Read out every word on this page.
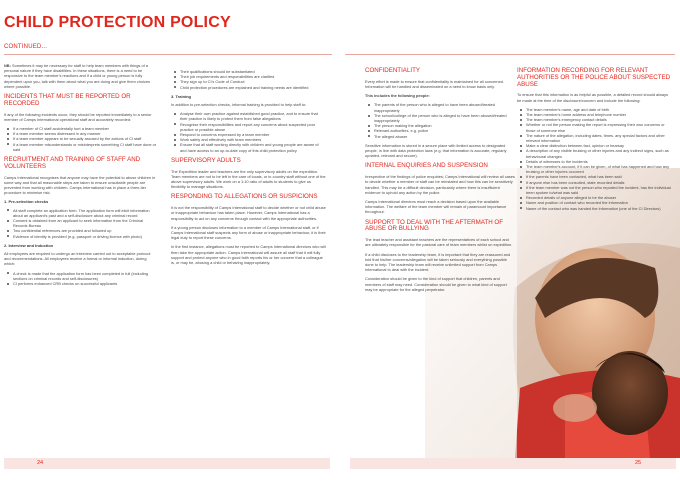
CHILD PROTECTION POLICY
CONTINUED...

NB: Sometimes it may be necessary for staff to help team members with things of a personal nature if they have disabilities. In these situations, there is a need to be responsive to the team member's reactions and if a child or young person is fully dependent upon you, talk with them about what you are doing and give them choices where possible.

INCIDENTS THAT MUST BE REPORTED OR RECORDED

If any of the following incidents occur, they should be reported immediately to a senior member of Camps International operational staff and accurately recorded:

If a member of CI staff accidentally hurt a team member
If a team member seems distressed in any manner
If a team member appears to be sexually aroused by the actions of CI staff
If a team member misunderstands or misinterprets something CI staff have done or said
RECRUITMENT AND TRAINING OF STAFF AND VOLUNTEERS

Camps International recognises that anyone may have the potential to abuse children in some way and that all reasonable steps are taken to ensure unsuitable people are prevented from working with children. Camps International has in place a three-tier procedure to minimise risk;

1. Pre-selection checks
All staff complete an application form. The application form will elicit information about an applicant's past and a self-disclosure about any criminal record
Consent is obtained from an applicant to seek information from the Criminal Records Bureau
Two confidential references are provided and followed up
Evidence of identity is provided (e.g. passport or driving licence with photo)
2. Interview and Induction

All employees are required to undergo an interview carried out to acceptable protocol and recommendations. All employees receive a formal or informal induction, during which:

A check is made that the application form has been completed in full (including sections on criminal records and self-disclosures)
CI performs enhanced CRB checks on successful applicants
Their qualifications should be substantiated
Their job requirements and responsibilities are clarified
They sign up to CI's Code of Conduct
Child protection procedures are explained and training needs are identified
3. Training

In addition to pre-selection checks, informal training is provided to help staff to:

Analyse their own practice against established good practice, and to ensure that their practice is likely to protect them from false allegations
Recognise their responsibilities and report any concerns about suspected poor practice or possible abuse
Respond to concerns expressed by a team member
Work safely and effectively with team members
Ensure that all staff working directly with children and young people are aware of and have access to an up-to-date copy of this child protection policy
SUPERVISORY ADULTS

The Expedition leader and teachers are the only supervisory adults on the expedition. Team members are not to be left in the care of locals, or in-country staff without one of the above supervisory adults. We work on a 1:10 ratio of adults to students to give us flexibility to manage situations.

RESPONDING TO ALLEGATIONS OR SUSPICIONS

It is not the responsibility of Camps International staff to decide whether or not child abuse or inappropriate behaviour has taken place. However, Camps International has a responsibility to act on any concerns through contact with the appropriate authorities.

If a young person discloses information to a member of Camps International staff, or if Camps International staff suspects any form of abuse or inappropriate behaviour, it is their legal duty to report these concerns.

In the first instance, allegations must be reported to Camps International directors who will then take the appropriate action. Camps International will assure all staff that it will fully support and protect anyone who in good faith reports his or her concern that a colleague is, or may be, abusing a child or behaving inappropriately.

CONFIDENTIALITY

Every effort is made to ensure that confidentiality is maintained for all concerned. Information will be handled and disseminated on a need to know basis only.

This includes the following people:

The parents of the person who is alleged to have been abused/treated inappropriately
The school/college of the person who is alleged to have been abused/treated inappropriately
The person making the allegation
Relevant authorities, e.g. police
The alleged abuser

Sensitive information is stored in a secure place with limited access to designated people, in line with data protection laws (e.g. that information is accurate, regularly updated, relevant and secure).

INTERNAL ENQUIRIES AND SUSPENSION

Irrespective of the findings of police enquiries; Camps International will review all cases to decide whether a member of staff can be reinstated and how this can be sensitively handled. This may be a difficult decision, particularly where there is insufficient evidence to uphold any action by the police.

Camps International directors must reach a decision based upon the available information. The welfare of the team member will remain of paramount importance throughout.

SUPPORT TO DEAL WITH THE AFTERMATH OF ABUSE OR BULLYING

The lead teacher and assistant teachers are the representatives of each school and are ultimately responsible for the pastoral care of team members whilst on expedition.

If a child discloses to the leadership team, it is important that they are reassured and told that his/her concerns/allegation will be taken seriously and everything possible done to help. The leadership team will receive unlimited support from Camps International to deal with the incident.

Consideration should be given to the kind of support that children, parents and members of staff may need. Consideration should be given to what kind of support may be appropriate for the alleged perpetrator.

INFORMATION RECORDING FOR RELEVANT AUTHORITIES OR THE POLICE ABOUT SUSPECTED ABUSE

To ensure that this information is as helpful as possible, a detailed record should always be made at the time of the disclosure/concern and include the following:

The team member's name, age and date of birth
The team member's home address and telephone number
The team member's emergency contact details
Whether or not the person making the report is expressing their own concerns or those of someone else
The nature of the allegation, including dates, times, any special factors and other relevant information
Make a clear distinction between fact, opinion or hearsay
A description of any visible bruising or other injuries and any indirect signs, such as behavioural changes
Details of witnesses to the incidents
The team member's account, if it can be given, of what has happened and how any bruising or other injuries occurred
If the parents have been contacted, what has been said
If anyone else has been consulted, state recorded details
If the team member was not the person who reported the incident, has the individual been spoken to/what was said
Recorded details of anyone alleged to be the abuser
Name and position of contact who recorded the information
Name of the contact who was handed the information (one of the CI Directors)
24	25
